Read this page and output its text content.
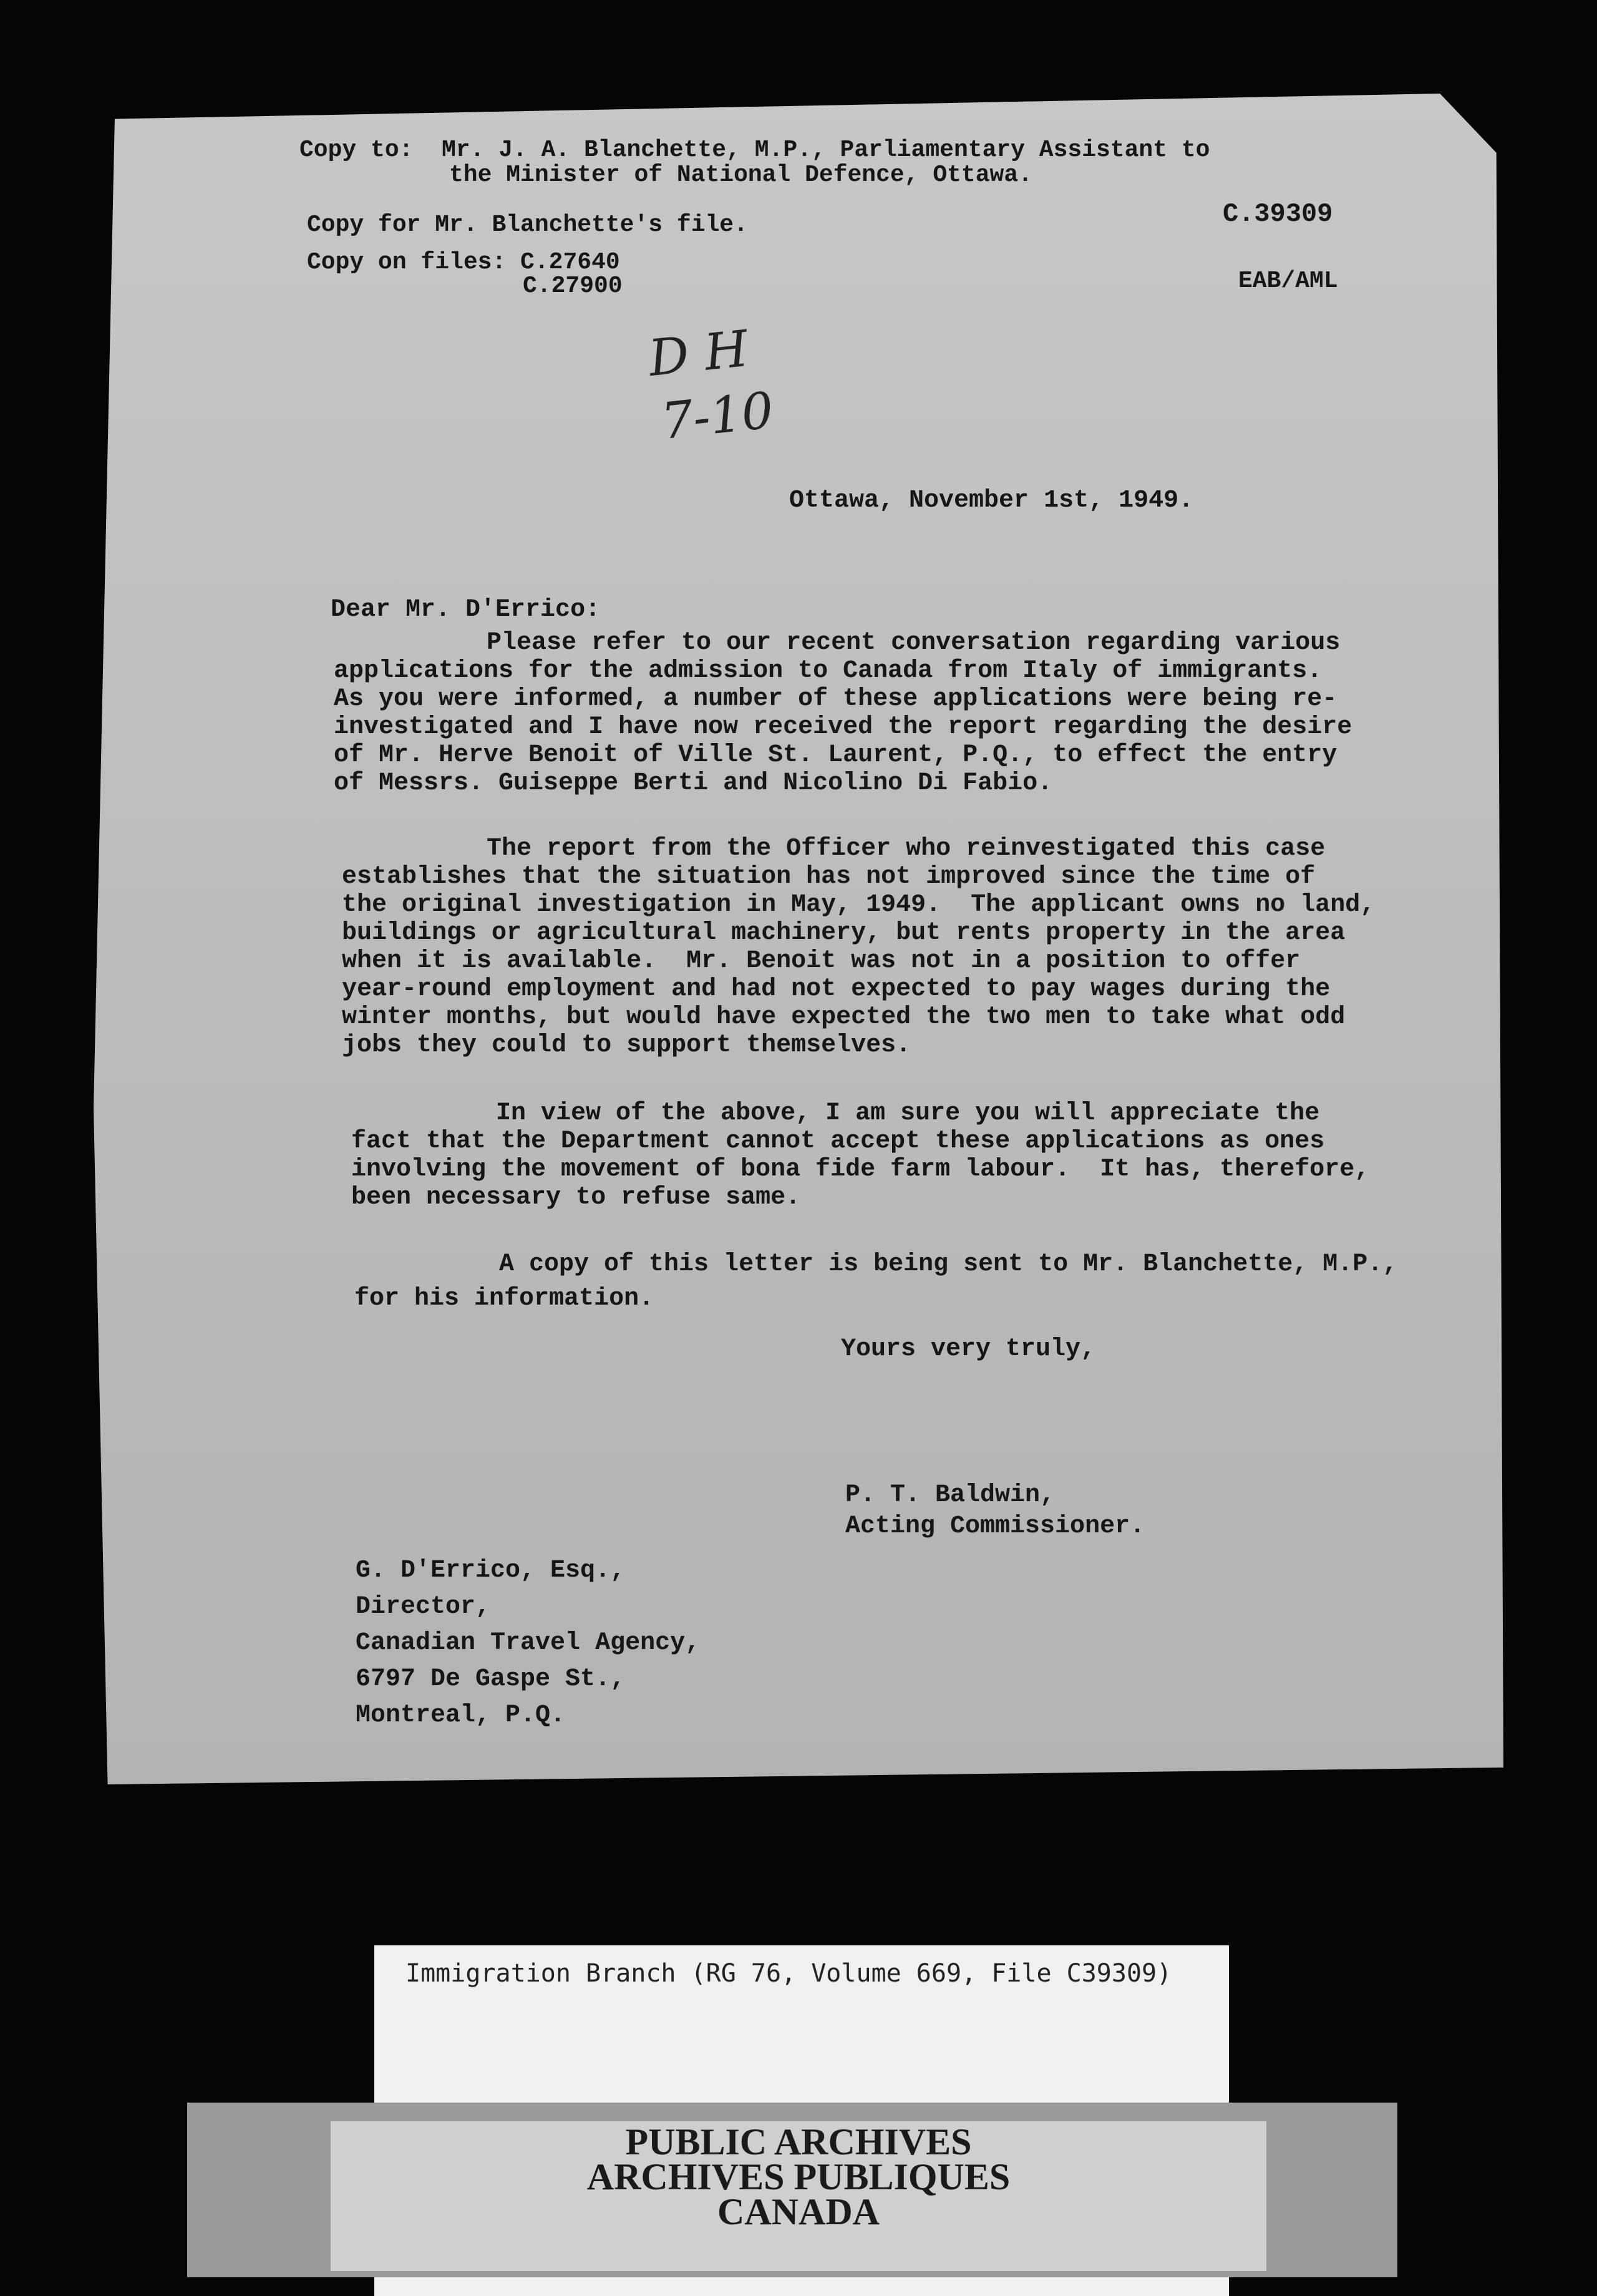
Copy to:  Mr. J. A. Blanchette, M.P., Parliamentary Assistant to
the Minister of National Defence, Ottawa.
Copy for Mr. Blanchette's file.
Copy on files: C.27640
C.27900
C.39309
EAB/AML
D H
7-10
Ottawa, November 1st, 1949.
Dear Mr. D'Errico:
Please refer to our recent conversation regarding various
applications for the admission to Canada from Italy of immigrants.
As you were informed, a number of these applications were being re-
investigated and I have now received the report regarding the desire
of Mr. Herve Benoit of Ville St. Laurent, P.Q., to effect the entry
of Messrs. Guiseppe Berti and Nicolino Di Fabio.
The report from the Officer who reinvestigated this case
establishes that the situation has not improved since the time of
the original investigation in May, 1949.  The applicant owns no land,
buildings or agricultural machinery, but rents property in the area
when it is available.  Mr. Benoit was not in a position to offer
year-round employment and had not expected to pay wages during the
winter months, but would have expected the two men to take what odd
jobs they could to support themselves.
In view of the above, I am sure you will appreciate the
fact that the Department cannot accept these applications as ones
involving the movement of bona fide farm labour.  It has, therefore,
been necessary to refuse same.
A copy of this letter is being sent to Mr. Blanchette, M.P.,
for his information.
Yours very truly,
P. T. Baldwin,
Acting Commissioner.
G. D'Errico, Esq.,
Director,
Canadian Travel Agency,
6797 De Gaspe St.,
Montreal, P.Q.
Immigration Branch (RG 76, Volume 669, File C39309)
PUBLIC ARCHIVES
ARCHIVES PUBLIQUES
CANADA
